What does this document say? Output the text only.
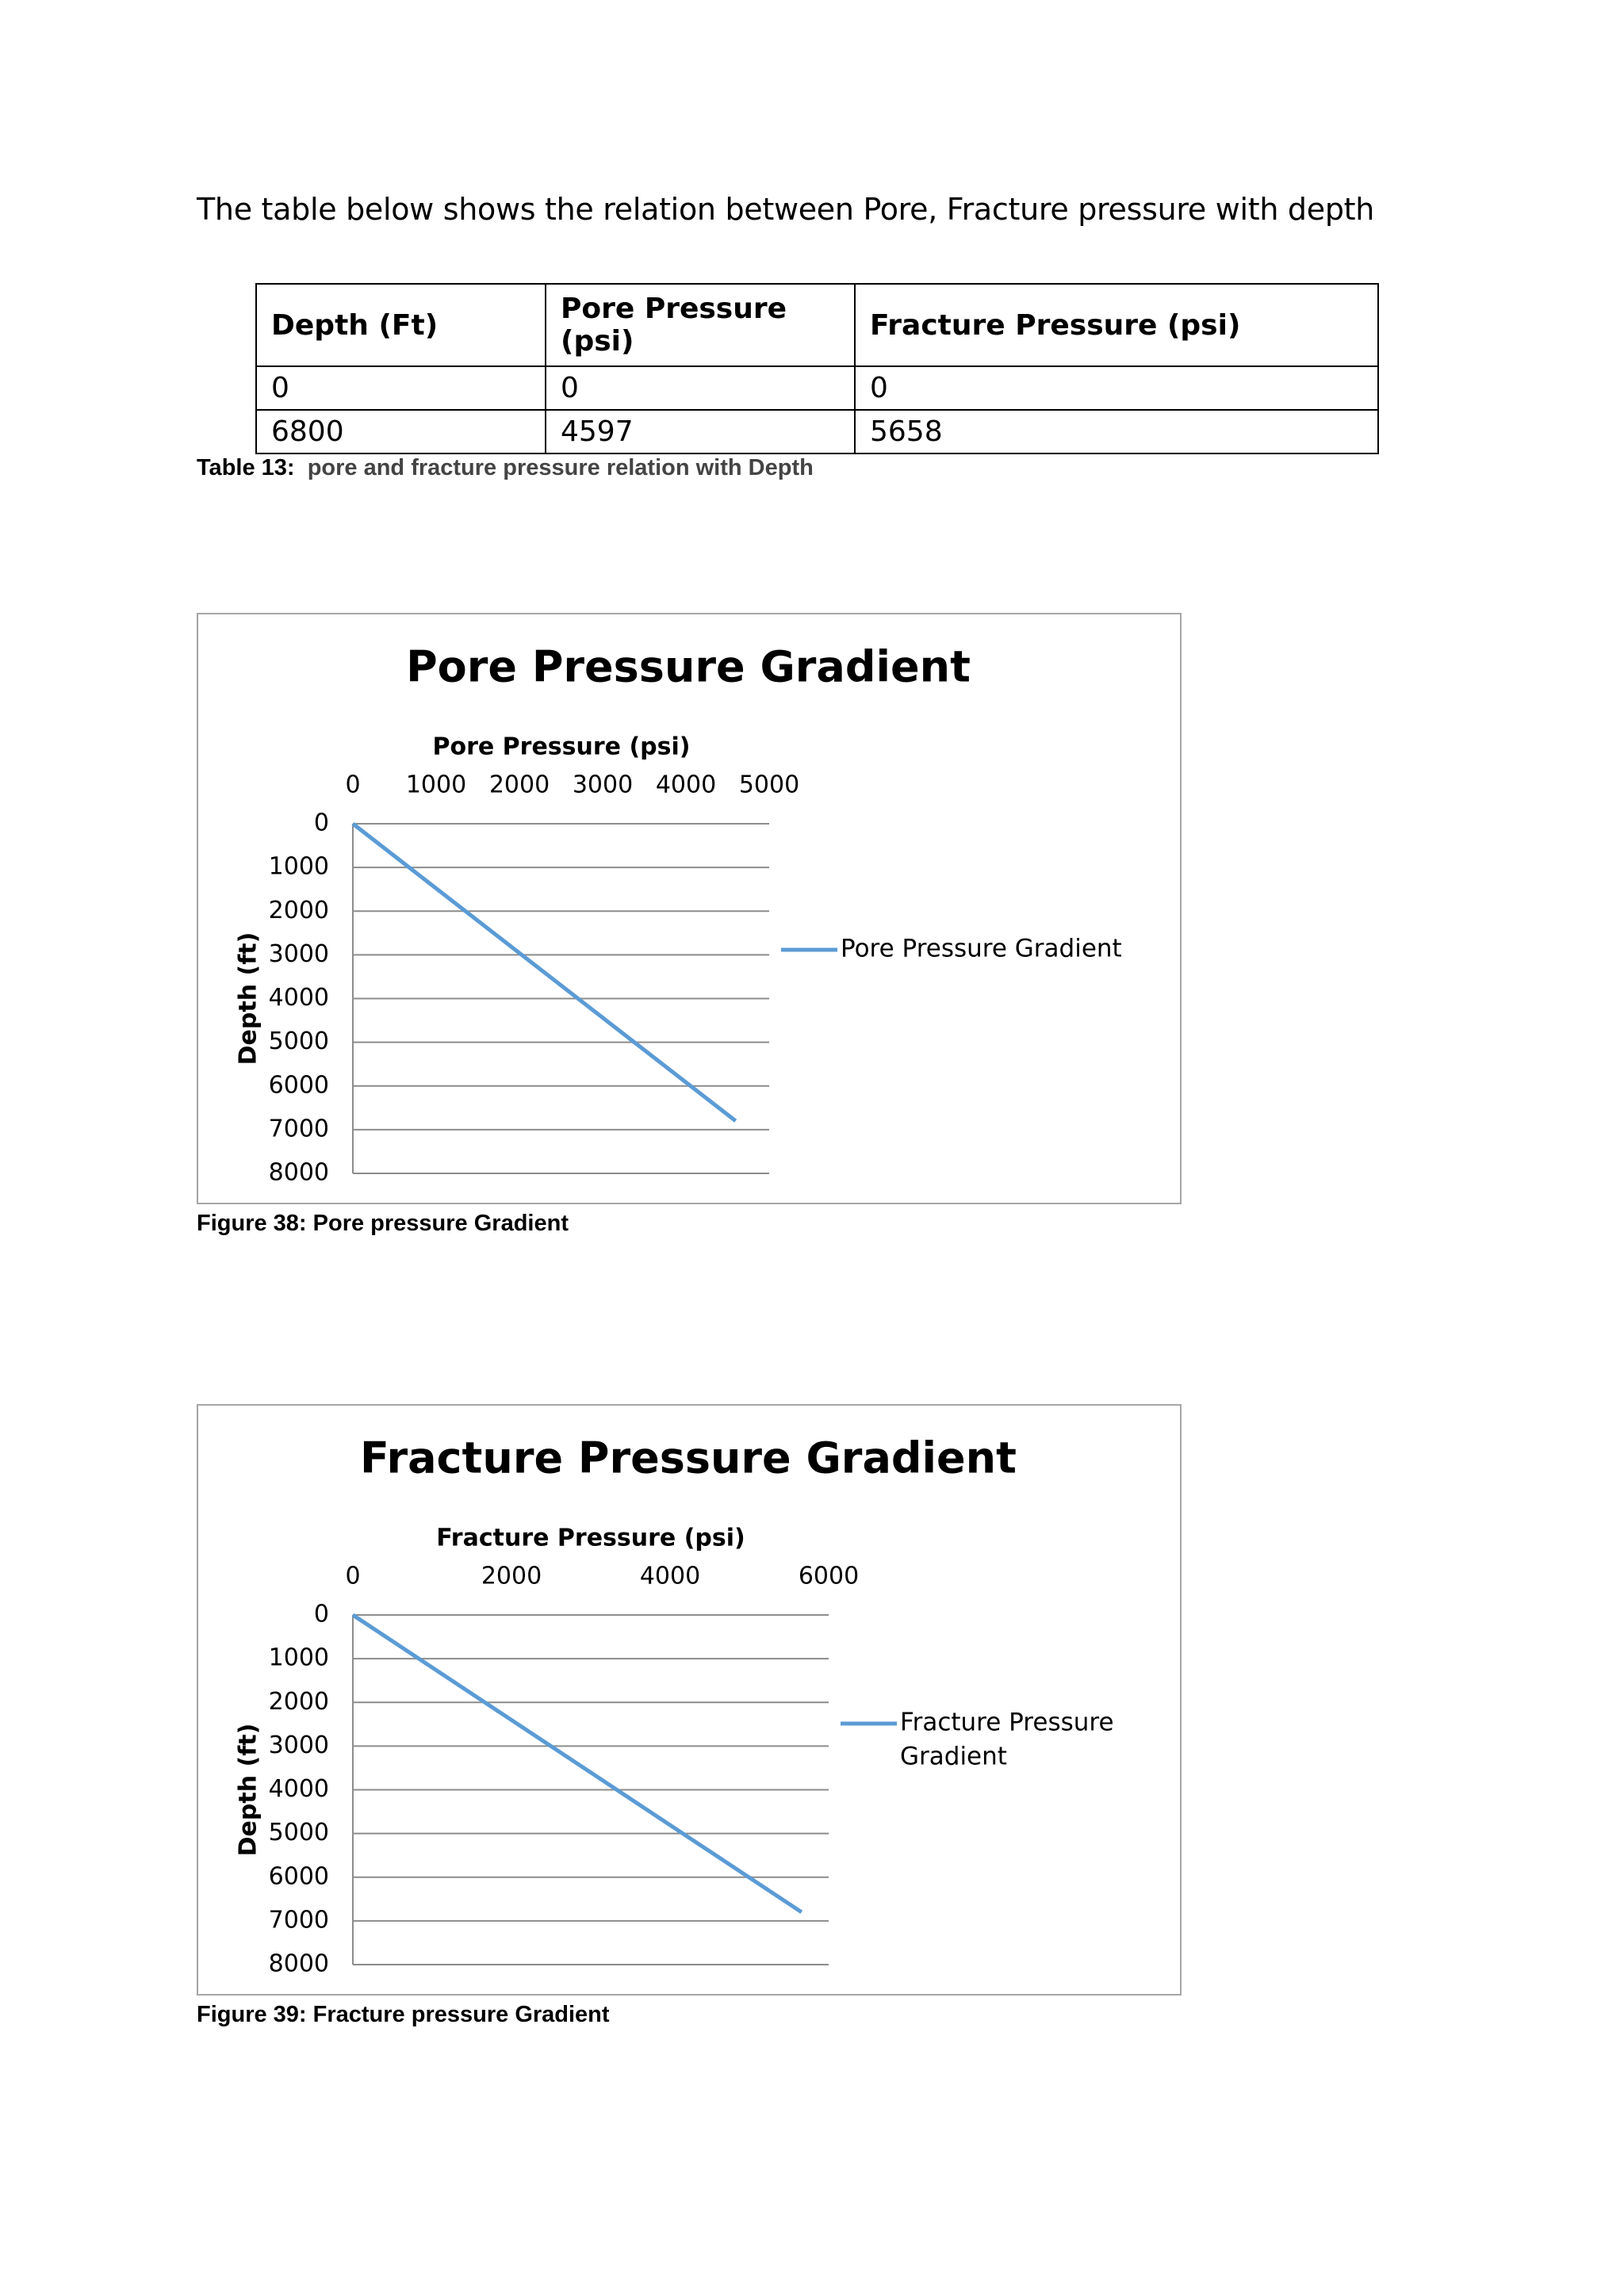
The table below shows the relation between Pore, Fracture pressure with depth
Depth (Ft)	Pore Pressure (psi)	Fracture Pressure (psi)
0	0	0
6800	4597	5658
Table 13: pore and fracture pressure relation with Depth
Pore Pressure Gradient
Pore Pressure (psi)
Depth (ft)
0
1000
2000
3000
4000
5000
6000
7000
8000
0 1000 2000 3000 4000 5000
Pore Pressure Gradient
Figure 38: Pore pressure Gradient
Fracture Pressure Gradient
Fracture Pressure (psi)
Depth (ft)
0
1000
2000
3000
4000
5000
6000
7000
8000
0	2000	4000	6000
Fracture Pressure
Gradient
Figure 39: Fracture pressure Gradient
